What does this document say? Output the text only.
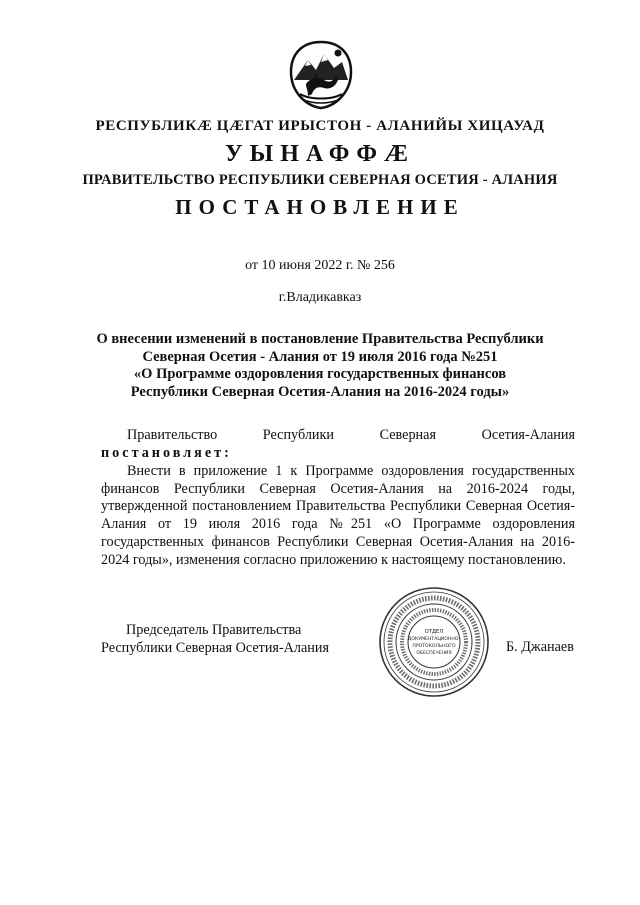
РЕСПУБЛИКÆ ЦÆГАТ ИРЫСТОН - АЛАНИЙЫ ХИЦАУАД
УЫНАФФÆ
ПРАВИТЕЛЬСТВО РЕСПУБЛИКИ СЕВЕРНАЯ ОСЕТИЯ - АЛАНИЯ
ПОСТАНОВЛЕНИЕ
от 10 июня 2022 г. № 256
г.Владикавказ
О внесении изменений в постановление Правительства Республики
Северная Осетия - Алания от 19 июля 2016 года №251
«О Программе оздоровления государственных финансов
Республики Северная Осетия-Алания на 2016-2024 годы»
Правительство Республики Северная Осетия-Алания
постановляет:
Внести в приложение 1 к Программе оздоровления государственных финансов Республики Северная Осетия-Алания на 2016-2024 годы, утвержденной постановлением Правительства Республики Северная Осетия-Алания от 19 июля 2016 года №251 «О Программе оздоровления государственных финансов Республики Северная Осетия-Алания на 2016-2024 годы», изменения согласно приложению к настоящему постановлению.
Председатель Правительства
Республики Северная Осетия-Алания
ОТДЕЛ
ДОКУМЕНТАЦИОННО-
ПРОТОКОЛЬНОГО
ОБЕСПЕЧЕНИЯ	Б. Джанаев
